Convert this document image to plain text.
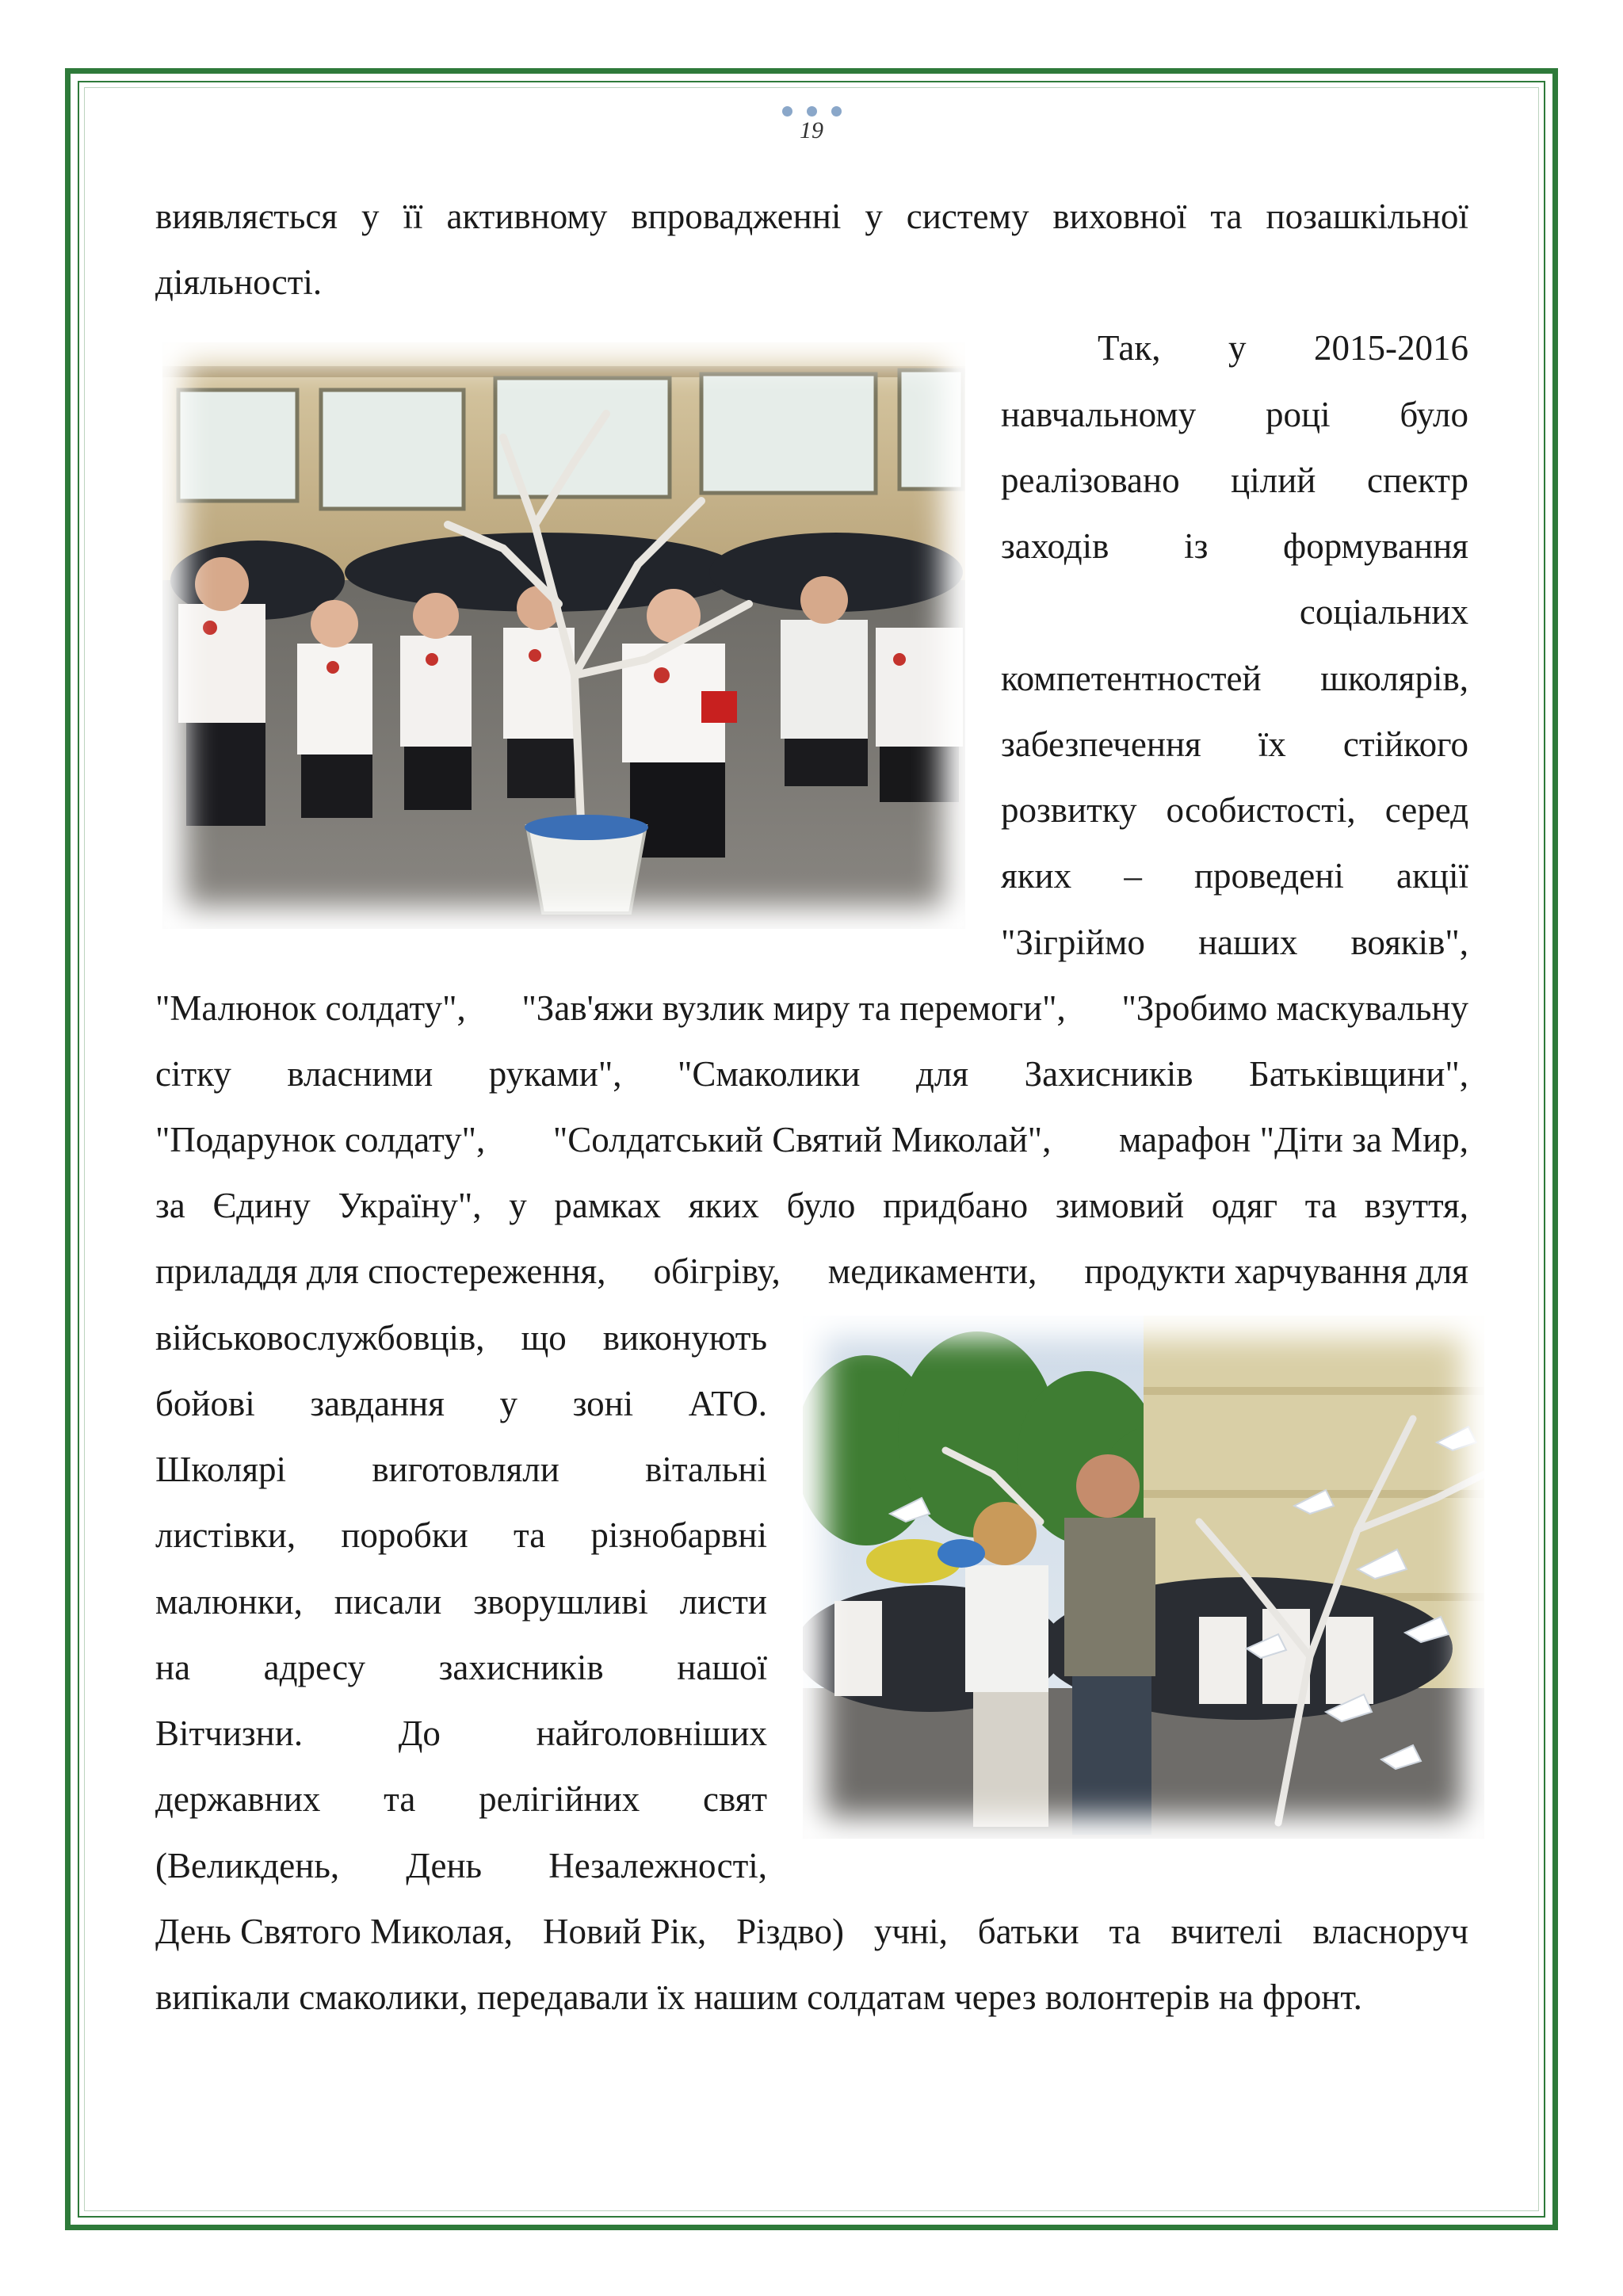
19
виявляється у її активному впровадженні у систему виховної та позашкільної
діяльності.
Так, у 2015-2016
навчальному році було
реалізовано цілий спектр
заходів із формування
соціальних
компетентностей школярів,
забезпечення їх стійкого
розвитку особистості, серед
яких – проведені акції
"Зігріймо наших вояків",
"Малюнок солдату", "Зав'яжи вузлик миру та перемоги", "Зробимо маскувальну
сітку власними руками", "Смаколики для Захисників Батьківщини",
"Подарунок солдату", "Солдатський Святий Миколай", марафон "Діти за Мир,
за Єдину Україну", у рамках яких було придбано зимовий одяг та взуття,
приладдя для спостереження, обігріву, медикаменти, продукти харчування для
військовослужбовців, що виконують
бойові завдання у зоні АТО.
Школярі виготовляли вітальні
листівки, поробки та різнобарвні
малюнки, писали зворушливі листи
на адресу захисників нашої
Вітчизни.	До	найголовніших
державних та релігійних свят
(Великдень, День Незалежності,
День Святого Миколая, Новий Рік, Різдво) учні, батьки та вчителі власноруч
випікали смаколики, передавали їх нашим солдатам через волонтерів на фронт.
